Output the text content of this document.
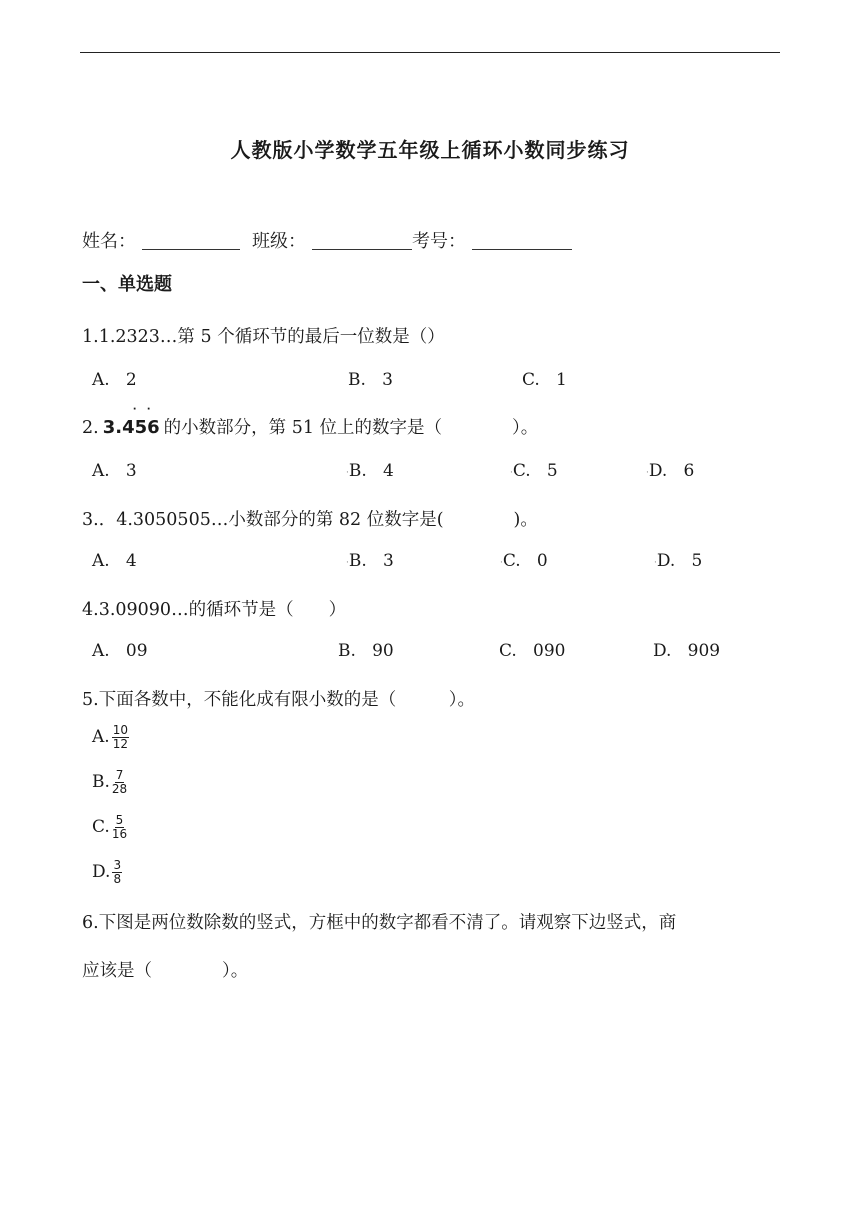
人教版小学数学五年级上循环小数同步练习
姓名：	班级：	考号：
一、单选题
1.1.2323…第 5 个循环节的最后一位数是（）
A.   2	B.   3	C.   1
2. 3.456
· ·
的小数部分，第 51 位上的数字是（　　　　）。
A.   3	·B.   4	·C.   5	·D.   6
3.．4.3050505…小数部分的第 82 位数字是(　　　　)。
A.   4	·B.   3	·C.   0	·D.   5
4.3.09090…的循环节是（　　）
A.   09	B.   90	C.   090	D.   909
5.下面各数中，不能化成有限小数的是（　　　）。
A. $\frac{10}{12}$
B. $\frac{7}{28}$
C. $\frac{5}{16}$
D. $\frac{3}{8}$
6.下图是两位数除数的竖式，方框中的数字都看不清了。请观察下边竖式，商
应该是（　　　　）。
